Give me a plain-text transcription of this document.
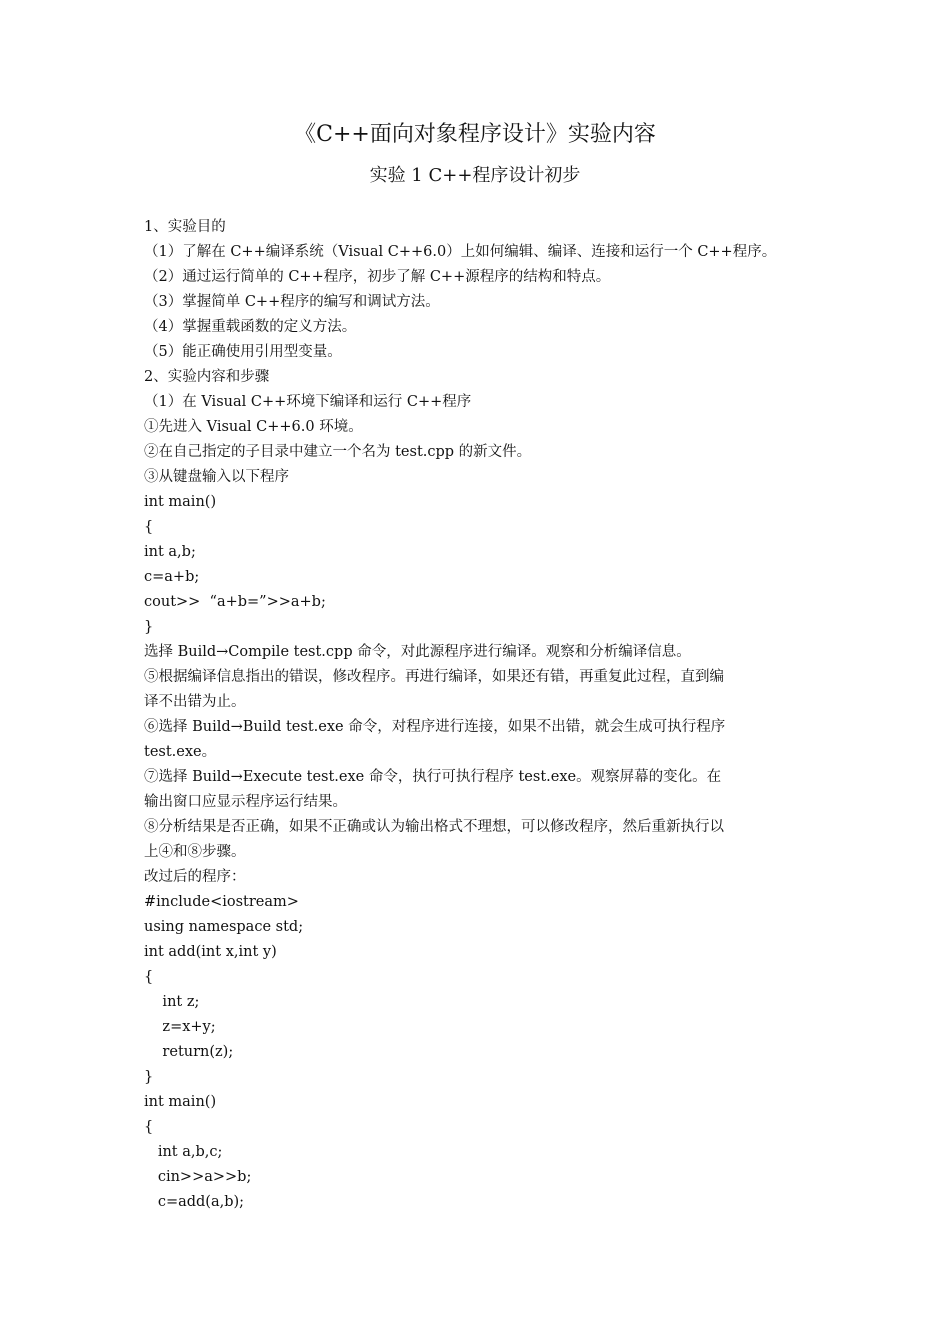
《C++面向对象程序设计》实验内容
实验 1 C++程序设计初步
1、实验目的
（1）了解在 C++编译系统（Visual C++6.0）上如何编辑、编译、连接和运行一个 C++程序。
（2）通过运行简单的 C++程序，初步了解 C++源程序的结构和特点。
（3）掌握简单 C++程序的编写和调试方法。
（4）掌握重载函数的定义方法。
（5）能正确使用引用型变量。
2、实验内容和步骤
（1）在 Visual C++环境下编译和运行 C++程序
①先进入 Visual C++6.0 环境。
②在自己指定的子目录中建立一个名为 test.cpp 的新文件。
③从键盘输入以下程序
int main()
{
int a,b;
c=a+b;
cout>>  “a+b=”>>a+b;
}
选择 Build→Compile test.cpp 命令，对此源程序进行编译。观察和分析编译信息。
⑤根据编译信息指出的错误，修改程序。再进行编译，如果还有错，再重复此过程，直到编
译不出错为止。
⑥选择 Build→Build test.exe 命令，对程序进行连接，如果不出错，就会生成可执行程序
test.exe。
⑦选择 Build→Execute test.exe 命令，执行可执行程序 test.exe。观察屏幕的变化。在
输出窗口应显示程序运行结果。
⑧分析结果是否正确，如果不正确或认为输出格式不理想，可以修改程序，然后重新执行以
上④和⑧步骤。
改过后的程序：
#include<iostream>
using namespace std;
int add(int x,int y)
{
int z;
z=x+y;
return(z);
}
int main()
{
int a,b,c;
cin>>a>>b;
c=add(a,b);
